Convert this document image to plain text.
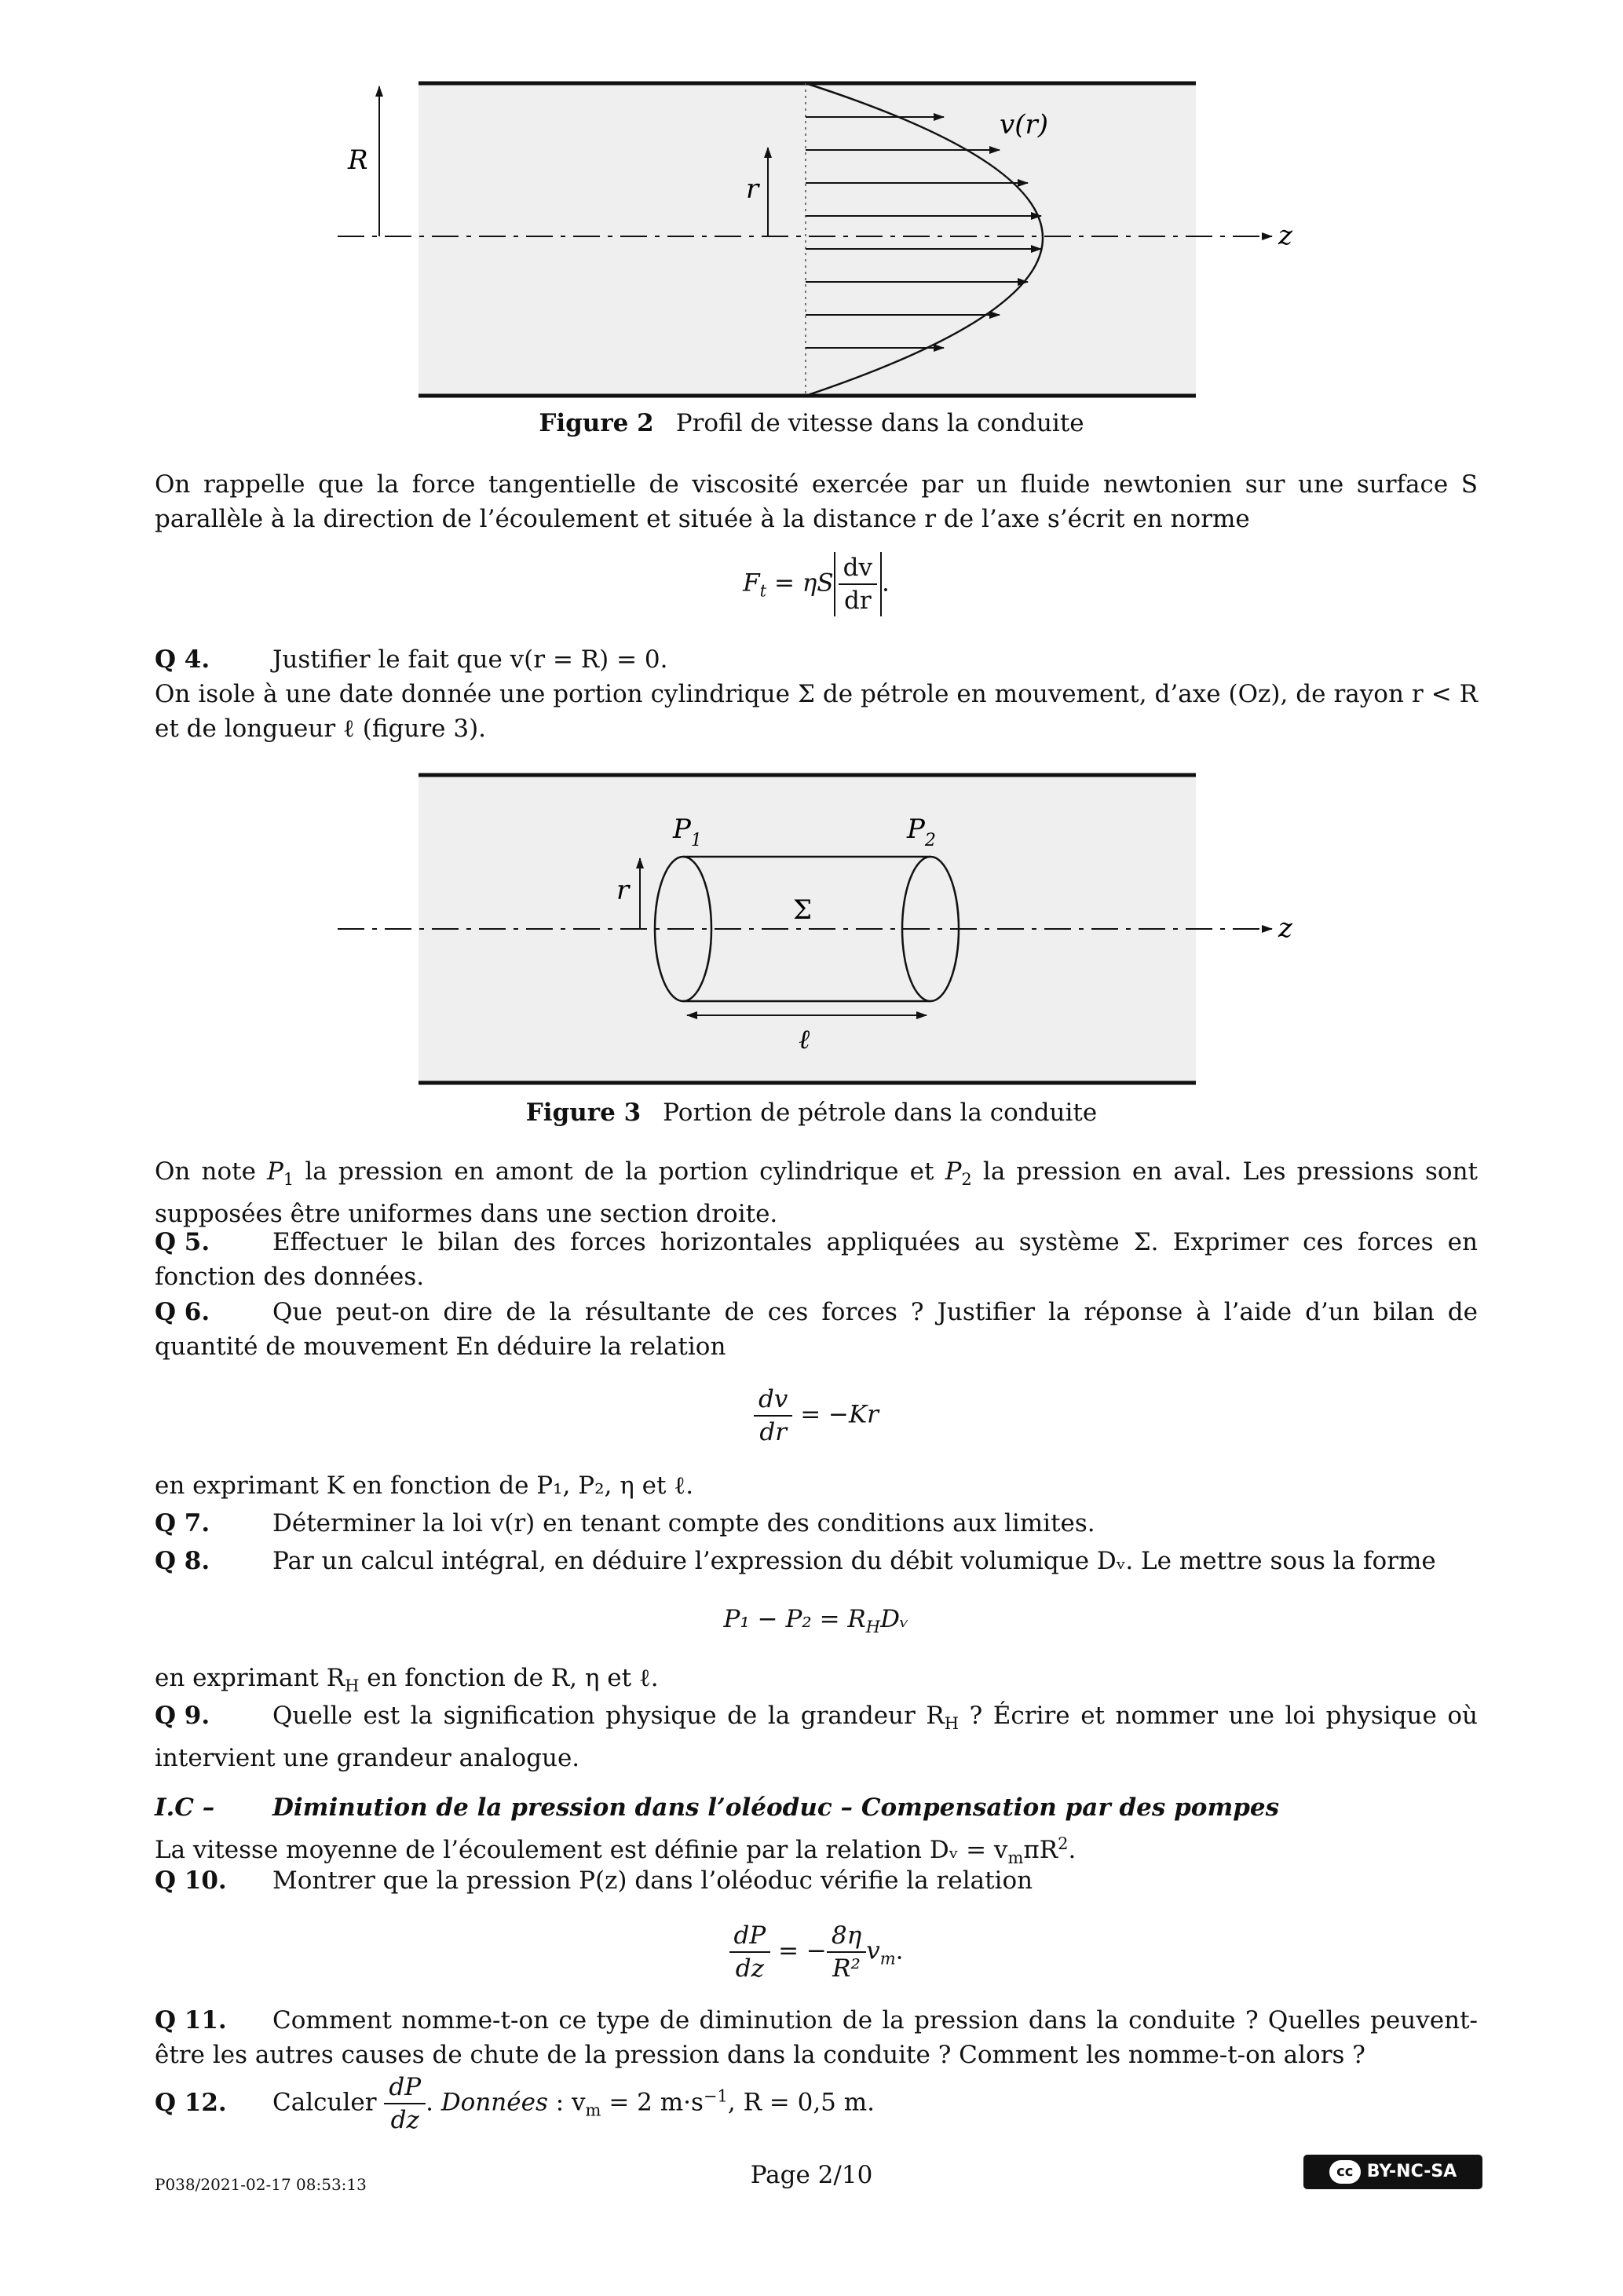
R
r
v(r)
z
Figure 2 Profil de vitesse dans la conduite
On rappelle que la force tangentielle de viscosité exercée par un fluide newtonien sur une surface S parallèle à la direction de l’écoulement et située à la distance r de l’axe s’écrit en norme
$F_t = \eta S \frac{dv}{dr}$ .
Q 4.	Justifier le fait que v(r = R) = 0.
On isole à une date donnée une portion cylindrique Σ de pétrole en mouvement, d’axe (Oz), de rayon r < R et de longueur ℓ (figure 3).
$P_1$	$P_2$
r
Σ
ℓ
z
Figure 3 Portion de pétrole dans la conduite
On note $P_1$ la pression en amont de la portion cylindrique et $P_2$ la pression en aval. Les pressions sont supposées être uniformes dans une section droite.
Q 5.	Effectuer le bilan des forces horizontales appliquées au système Σ. Exprimer ces forces en fonction des données.
Q 6.	Que peut-on dire de la résultante de ces forces ? Justifier la réponse à l’aide d’un bilan de quantité de mouvement En déduire la relation
$\frac{dv}{dr} = -Kr$
en exprimant K en fonction de P₁, P₂, η et ℓ.
Q 7.	Déterminer la loi v(r) en tenant compte des conditions aux limites.
Q 8.	Par un calcul intégral, en déduire l’expression du débit volumique Dᵥ. Le mettre sous la forme
$P_1 - P_2 = R_HDᵥ$
en exprimant $R_H$ en fonction de R, η et ℓ.
Q 9.	Quelle est la signification physique de la grandeur $R_H$ ? Écrire et nommer une loi physique où intervient une grandeur analogue.
I.C – Diminution de la pression dans l’oléoduc – Compensation par des pompes
La vitesse moyenne de l’écoulement est définie par la relation Dᵥ = $v_m\pi R^2$.
Q 10. Montrer que la pression P(z) dans l’oléoduc vérifie la relation
$\frac{dP}{dz}$ = − $\frac{8\eta}{\text{R²}} v_m$.
Q 11. Comment nomme-t-on ce type de diminution de la pression dans la conduite ? Quelles peuvent-être les autres causes de chute de la pression dans la conduite ? Comment les nomme-t-on alors ?
Q 12. Calculer $\frac{dP}{dz}$ . Données : $v_m = 2$ $m\cdot s^{-1}$, R = 0,5 m.
P038/2021-02-17 08:53:13	Page 2/10	cc BY-NC-SA
